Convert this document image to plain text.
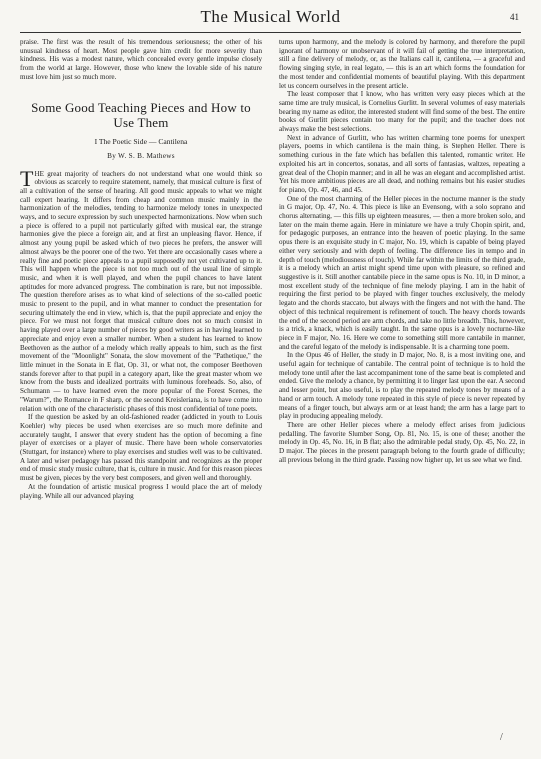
The Musical World	41

praise. The first was the result of his tremendous seriousness; the other of his unusual kindness of heart. Most people gave him credit for more severity than kindness. His was a modest nature, which concealed every gentle impulse closely from the world at large. However, those who knew the lovable side of his nature must love him just so much more.

Some Good Teaching Pieces and How to Use Them
I The Poetic Side — Cantilena
By W. S. B. Mathews

THE great majority of teachers do not understand what one would think so obvious as scarcely to require statement, namely, that musical culture is first of all a cultivation of the sense of hearing. All good music appeals to what we might call expert hearing. It differs from cheap and common music mainly in the harmonization of the melodies, tending to harmonize melody tones in unexpected ways, and to secure expression by such unexpected harmonizations. Now when such a piece is offered to a pupil not particularly gifted with musical ear, the strange harmonies give the piece a foreign air, and at first an unpleasing flavor. Hence, if almost any young pupil be asked which of two pieces he prefers, the answer will almost always be the poorer one of the two. Yet there are occasionally cases where a really fine and poetic piece appeals to a pupil supposedly not yet cultivated up to it. This will happen when the piece is not too much out of the usual line of simple music, and when it is well played, and when the pupil chances to have latent aptitudes for more advanced progress. The combination is rare, but not impossible. The question therefore arises as to what kind of selections of the so-called poetic music to present to the pupil, and in what manner to conduct the presentation for securing ultimately the end in view, which is, that the pupil appreciate and enjoy the piece. For we must not forget that musical culture does not so much consist in having played over a large number of pieces by good writers as in having learned to appreciate and enjoy even a smaller number. When a student has learned to know Beethoven as the author of a melody which really appeals to him, such as the first movement of the "Moonlight" Sonata, the slow movement of the "Pathetique," the little minuet in the Sonata in E flat, Op. 31, or what not, the composer Beethoven stands forever after to that pupil in a category apart, like the great master whom we know from the busts and idealized portraits with luminous foreheads. So, also, of Schumann — to have learned even the more popular of the Forest Scenes, the "Warum?", the Romance in F sharp, or the second Kreisleriana, is to have come into relation with one of the characteristic phases of this most confidential of tone poets.

If the question be asked by an old-fashioned reader (addicted in youth to Louis Koehler) why pieces be used when exercises are so much more definite and accurately taught, I answer that every student has the option of becoming a fine player of exercises or a player of music. There have been whole conservatories (Stuttgart, for instance) where to play exercises and studies well was to be cultivated. A later and wiser pedagogy has passed this standpoint and recognizes as the proper end of music study music culture, that is, culture in music. And for this reason pieces must be given, pieces by the very best composers, and given well and thoroughly.

At the foundation of artistic musical progress I would place the art of melody playing. While all our advanced playing

turns upon harmony, and the melody is colored by harmony, and therefore the pupil ignorant of harmony or unobservant of it will fail of getting the true interpretation, still a fine delivery of melody, or, as the Italians call it, cantilena, — a graceful and flowing singing style, in real legato, — this is an art which forms the foundation for the most tender and confidential moments of beautiful playing. With this department let us concern ourselves in the present article.

The least composer that I know, who has written very easy pieces which at the same time are truly musical, is Cornelius Gurlitt. In several volumes of easy materials bearing my name as editor, the interested student will find some of the best. The entire books of Gurlitt pieces contain too many for the pupil; and the teacher does not always make the best selections.

Next in advance of Gurlitt, who has written charming tone poems for unexpert players, poems in which cantilena is the main thing, is Stephen Heller. There is something curious in the fate which has befallen this talented, romantic writer. He exploited his art in concertos, sonatas, and all sorts of fantasias, waltzes, repeating a great deal of the Chopin manner; and in all he was an elegant and accomplished artist. Yet his more ambitious pieces are all dead, and nothing remains but his easier studies for piano, Op. 47, 46, and 45.

One of the most charming of the Heller pieces in the nocturne manner is the study in G major, Op. 47, No. 4. This piece is like an Evensong, with a solo soprano and chorus alternating, — this fills up eighteen measures, — then a more broken solo, and later on the main theme again. Here in miniature we have a truly Chopin spirit, and, for pedagogic purposes, an entrance into the heaven of poetic playing. In the same opus there is an exquisite study in C major, No. 19, which is capable of being played either very seriously and with depth of feeling. The difference lies in tempo and in depth of touch (melodiousness of touch). While far within the limits of the third grade, it is a melody which an artist might spend time upon with pleasure, so refined and suggestive is it. Still another cantabile piece in the same opus is No. 10, in D minor, a most excellent study of the technique of fine melody playing. I am in the habit of requiring the first period to be played with finger touches exclusively, the melody legato and the chords staccato, but always with the fingers and not with the hand. The object of this technical requirement is refinement of touch. The heavy chords towards the end of the second period are arm chords, and take no little breadth. This, however, is a trick, a knack, which is easily taught. In the same opus is a lovely nocturne-like piece in F major, No. 16. Here we come to something still more cantabile in manner, and the careful legato of the melody is indispensable. It is a charming tone poem.

In the Opus 46 of Heller, the study in D major, No. 8, is a most inviting one, and useful again for technique of cantabile. The central point of technique is to hold the melody tone until after the last accompaniment tone of the same beat is completed and ended. Give the melody a chance, by permitting it to linger last upon the ear. A second and lesser point, but also useful, is to play the repeated melody tones by means of a hand or arm touch. A melody tone repeated in this style of piece is never repeated by means of a finger touch, but always arm or at least hand; the arm has a large part to play in producing appealing melody.

There are other Heller pieces where a melody effect arises from judicious pedalling. The favorite Slumber Song, Op. 81, No. 15, is one of these; another the melody in Op. 45, No. 16, in B flat; also the admirable pedal study, Op. 45, No. 22, in D major. The pieces in the present paragraph belong to the fourth grade of difficulty; all previous belong in the third grade. Passing now higher up, let us see what we find.

/
